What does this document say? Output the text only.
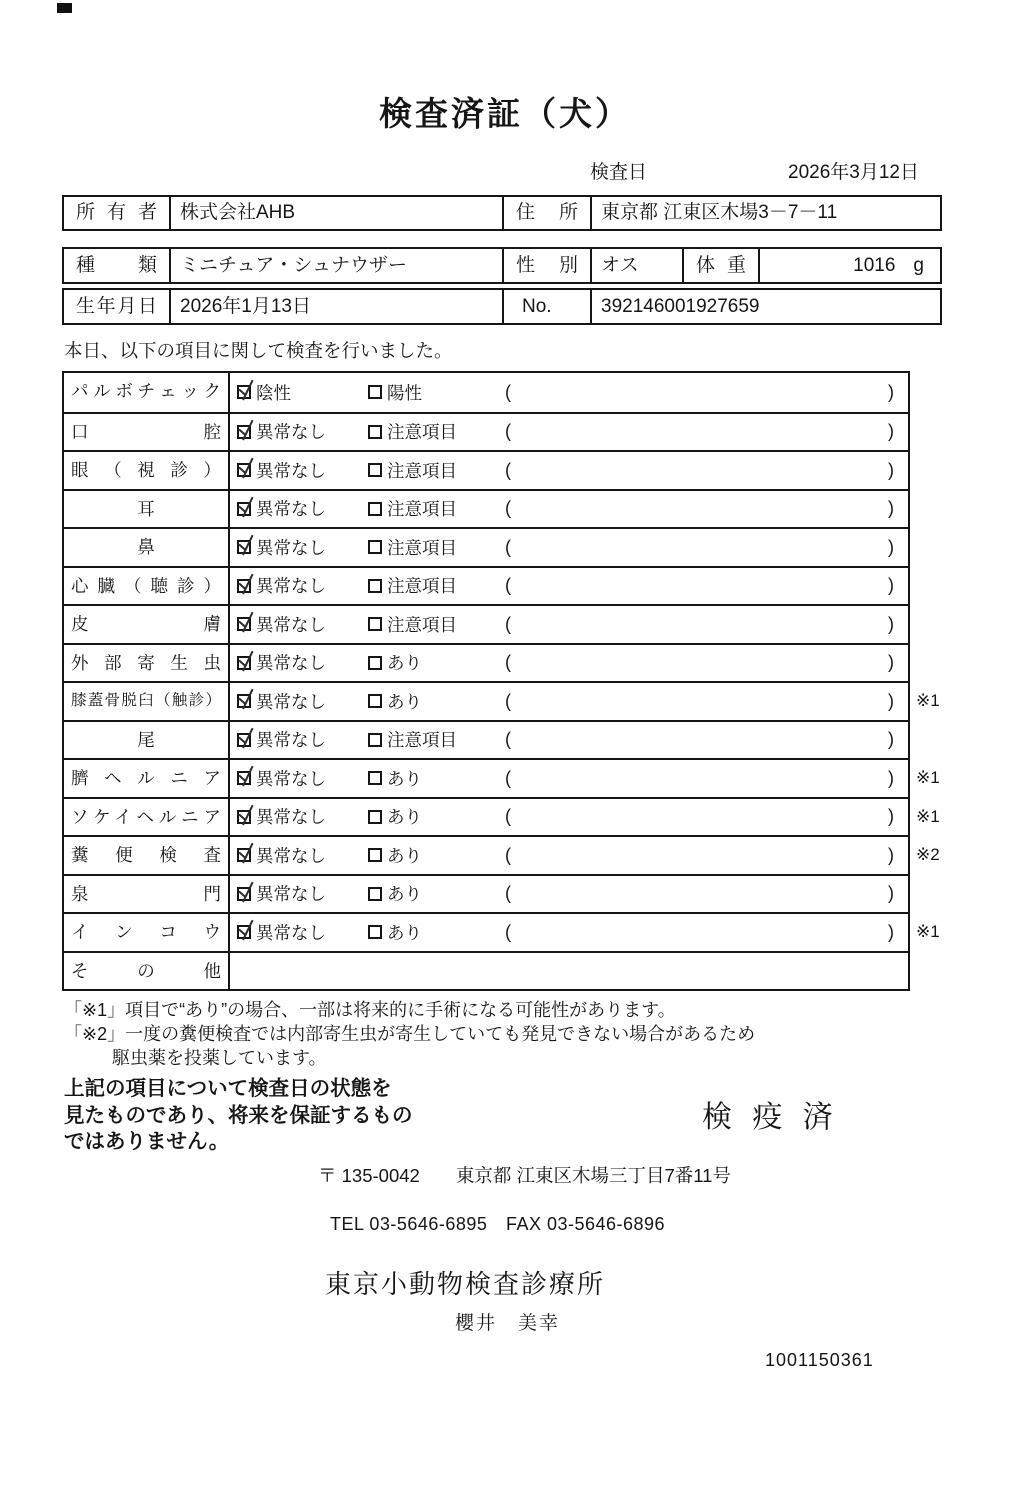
検査済証（犬）
検査日	2026年3月12日
所有者	株式会社AHB	住所	東京都 江東区木場3－7－11
種類	ミニチュア・シュナウザー	性別	オス	体重	1016 g
生年月日	2026年1月13日	No.	392146001927659
本日、以下の項目に関して検査を行いました。
パルボチェック	陰性	陽性	(	)
口 腔	異常なし	注意項目	(	)
眼 （ 視 診 ）	異常なし	注意項目	(	)
耳	異常なし	注意項目	(	)
鼻	異常なし	注意項目	(	)
心 臓 （ 聴 診 ）	異常なし	注意項目	(	)
皮 膚	異常なし	注意項目	(	)
外 部 寄 生 虫	異常なし	あり	(	)
膝蓋骨脱臼（触診）	異常なし	あり	(	) ※1
尾	異常なし	注意項目	(	)
臍 ヘ ル ニ ア	異常なし	あり	(	) ※1
ソケイヘルニア	異常なし	あり	(	) ※1
糞 便 検 査	異常なし	あり	(	) ※2
泉 門	異常なし	あり	(	)
イ ン コ ウ	異常なし	あり	(	) ※1
そ の 他
「※1」項目で“あり”の場合、一部は将来的に手術になる可能性があります。
「※2」一度の糞便検査では内部寄生虫が寄生していても発見できない場合があるため
駆虫薬を投薬しています。
上記の項目について検査日の状態を
見たものであり、将来を保証するもの
ではありません。
検 疫 済
〒 135-0042 東京都 江東区木場三丁目7番11号
TEL 03-5646-6895　FAX 03-5646-6896
東京小動物検査診療所
櫻井　美幸
1001150361
